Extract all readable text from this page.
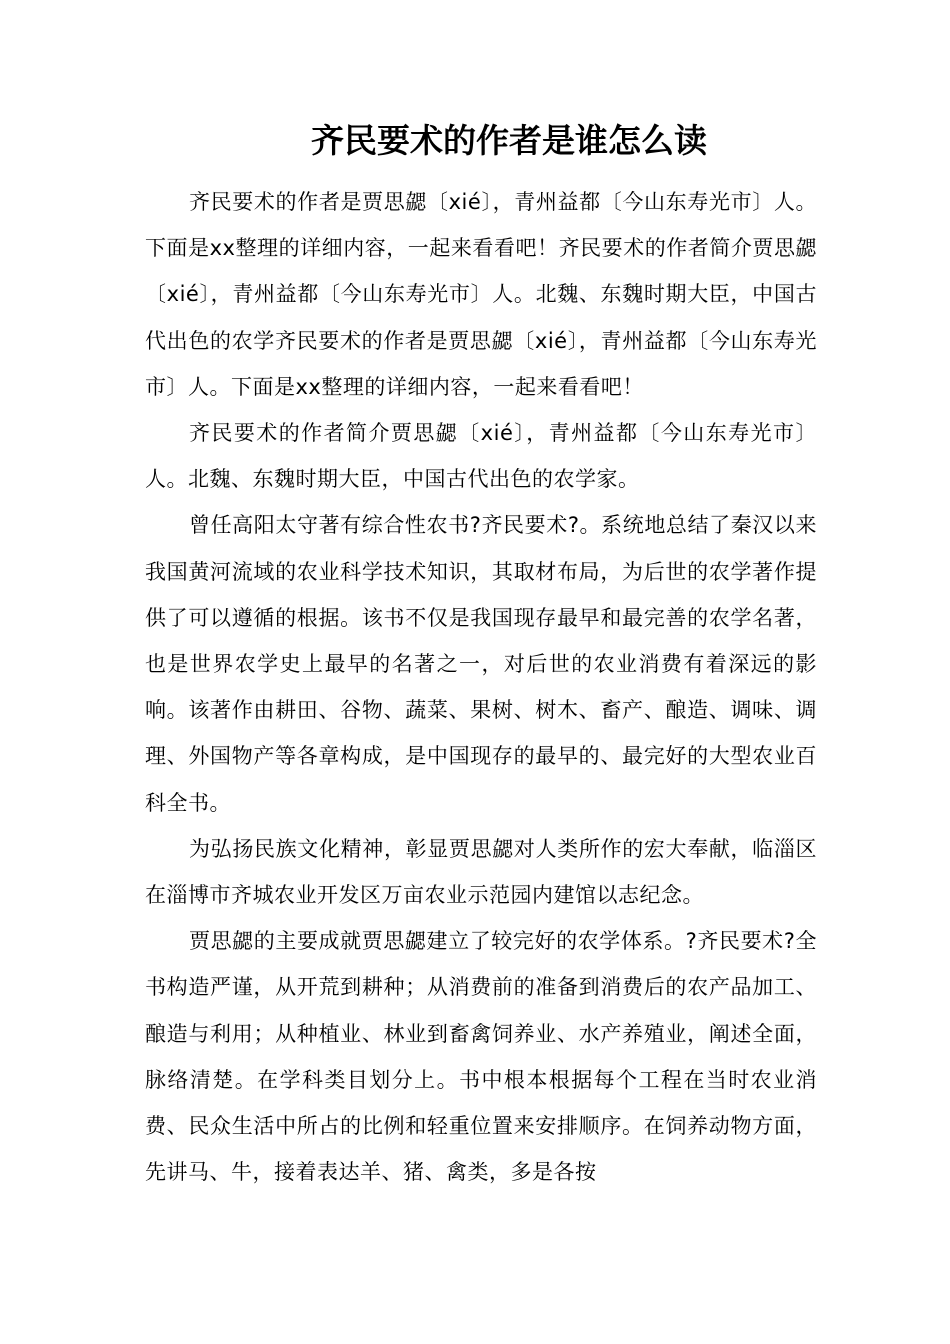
齐民要术的作者是谁怎么读

齐民要术的作者是贾思勰〔xié〕，青州益都〔今山东寿光市〕人。下面是xx整理的详细内容，一起来看看吧！齐民要术的作者简介贾思勰〔xié〕，青州益都〔今山东寿光市〕人。北魏、东魏时期大臣，中国古代出色的农学齐民要术的作者是贾思勰〔xié〕，青州益都〔今山东寿光市〕人。下面是xx整理的详细内容，一起来看看吧！

齐民要术的作者简介贾思勰〔xié〕，青州益都〔今山东寿光市〕人。北魏、东魏时期大臣，中国古代出色的农学家。

曾任高阳太守著有综合性农书?齐民要术?。系统地总结了秦汉以来我国黄河流域的农业科学技术知识，其取材布局，为后世的农学著作提供了可以遵循的根据。该书不仅是我国现存最早和最完善的农学名著，也是世界农学史上最早的名著之一，对后世的农业消费有着深远的影响。该著作由耕田、谷物、蔬菜、果树、树木、畜产、酿造、调味、调理、外国物产等各章构成，是中国现存的最早的、最完好的大型农业百科全书。

为弘扬民族文化精神，彰显贾思勰对人类所作的宏大奉献，临淄区在淄博市齐城农业开发区万亩农业示范园内建馆以志纪念。

贾思勰的主要成就贾思勰建立了较完好的农学体系。?齐民要术?全书构造严谨，从开荒到耕种；从消费前的准备到消费后的农产品加工、酿造与利用；从种植业、林业到畜禽饲养业、水产养殖业，阐述全面，脉络清楚。在学科类目划分上。书中根本根据每个工程在当时农业消费、民众生活中所占的比例和轻重位置来安排顺序。在饲养动物方面，先讲马、牛，接着表达羊、猪、禽类，多是各按
